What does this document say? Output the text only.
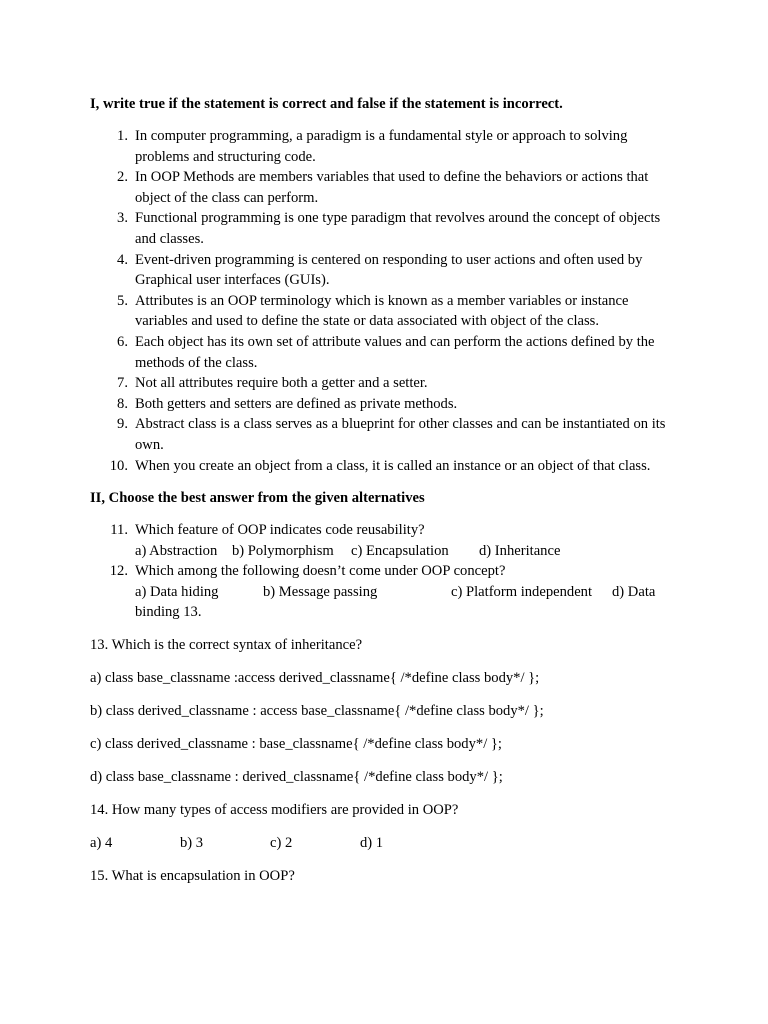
I, write true if the statement is correct and false if the statement is incorrect.

1. In computer programming, a paradigm is a fundamental style or approach to solving problems and structuring code.
2. In OOP Methods are members variables that used to define the behaviors or actions that object of the class can perform.
3. Functional programming is one type paradigm that revolves around the concept of objects and classes.
4. Event-driven programming is centered on responding to user actions and often used by Graphical user interfaces (GUIs).
5. Attributes is an OOP terminology which is known as a member variables or instance variables and used to define the state or data associated with object of the class.
6. Each object has its own set of attribute values and can perform the actions defined by the methods of the class.
7. Not all attributes require both a getter and a setter.
8. Both getters and setters are defined as private methods.
9. Abstract class is a class serves as a blueprint for other classes and can be instantiated on its own.
10. When you create an object from a class, it is called an instance or an object of that class.

II, Choose the best answer from the given alternatives

11. Which feature of OOP indicates code reusability?
a) Abstraction b) Polymorphism c) Encapsulation d) Inheritance
12. Which among the following doesn’t come under OOP concept?
a) Data hiding	b) Message passing	c) Platform independent d) Data
binding 13.

13. Which is the correct syntax of inheritance?

a) class base_classname :access derived_classname{ /*define class body*/ };

b) class derived_classname : access base_classname{ /*define class body*/ };

c) class derived_classname : base_classname{ /*define class body*/ };

d) class base_classname : derived_classname{ /*define class body*/ };

14. How many types of access modifiers are provided in OOP?

a) 4	b) 3	c) 2	d) 1

15. What is encapsulation in OOP?
